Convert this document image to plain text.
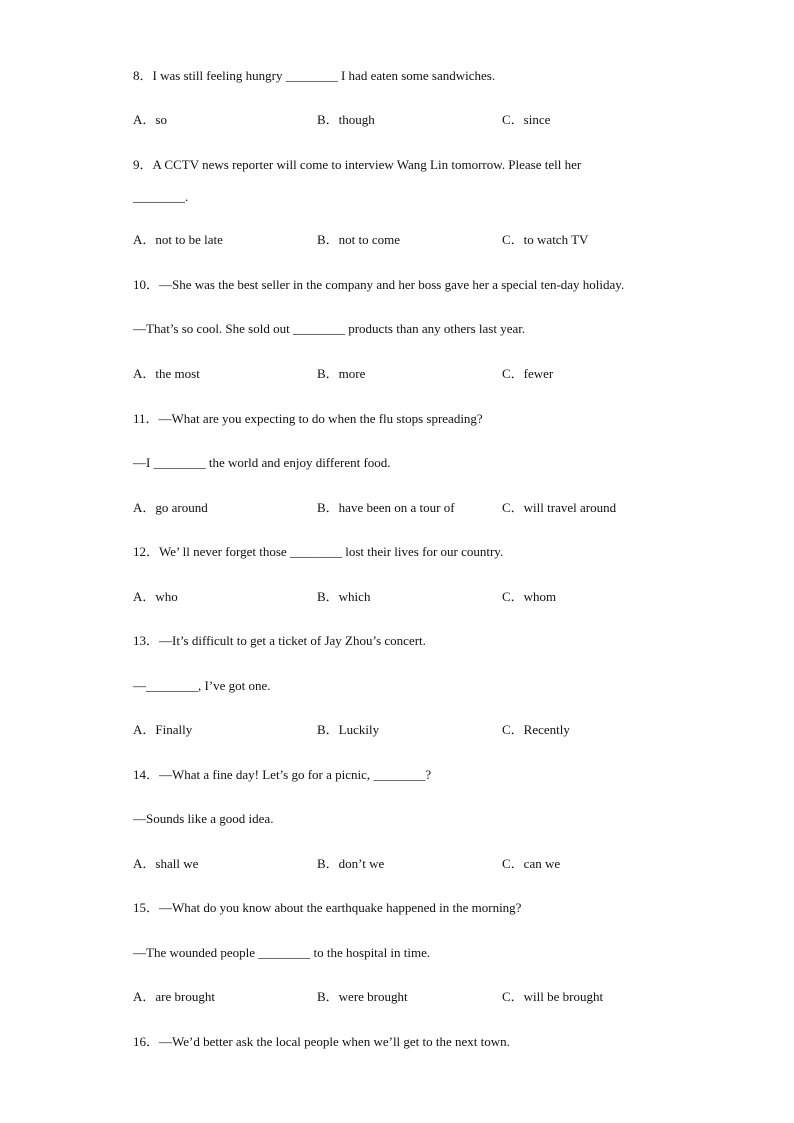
8．I was still feeling hungry ________ I had eaten some sandwiches.
A．so	B．though	C．since
9．A CCTV news reporter will come to interview Wang Lin tomorrow. Please tell her
________.
A．not to be late	B．not to come	C．to watch TV
10．—She was the best seller in the company and her boss gave her a special ten-day holiday.
—That’s so cool. She sold out ________ products than any others last year.
A．the most	B．more	C．fewer
11．—What are you expecting to do when the flu stops spreading?
—I ________ the world and enjoy different food.
A．go around	B．have been on a tour of	C．will travel around
12．We’ ll never forget those ________ lost their lives for our country.
A．who	B．which	C．whom
13．—It’s difficult to get a ticket of Jay Zhou’s concert.
—________, I’ve got one.
A．Finally	B．Luckily	C．Recently
14．—What a fine day! Let’s go for a picnic, ________?
—Sounds like a good idea.
A．shall we	B．don’t we	C．can we
15．—What do you know about the earthquake happened in the morning?
—The wounded people ________ to the hospital in time.
A．are brought	B．were brought	C．will be brought
16．—We’d better ask the local people when we’ll get to the next town.
